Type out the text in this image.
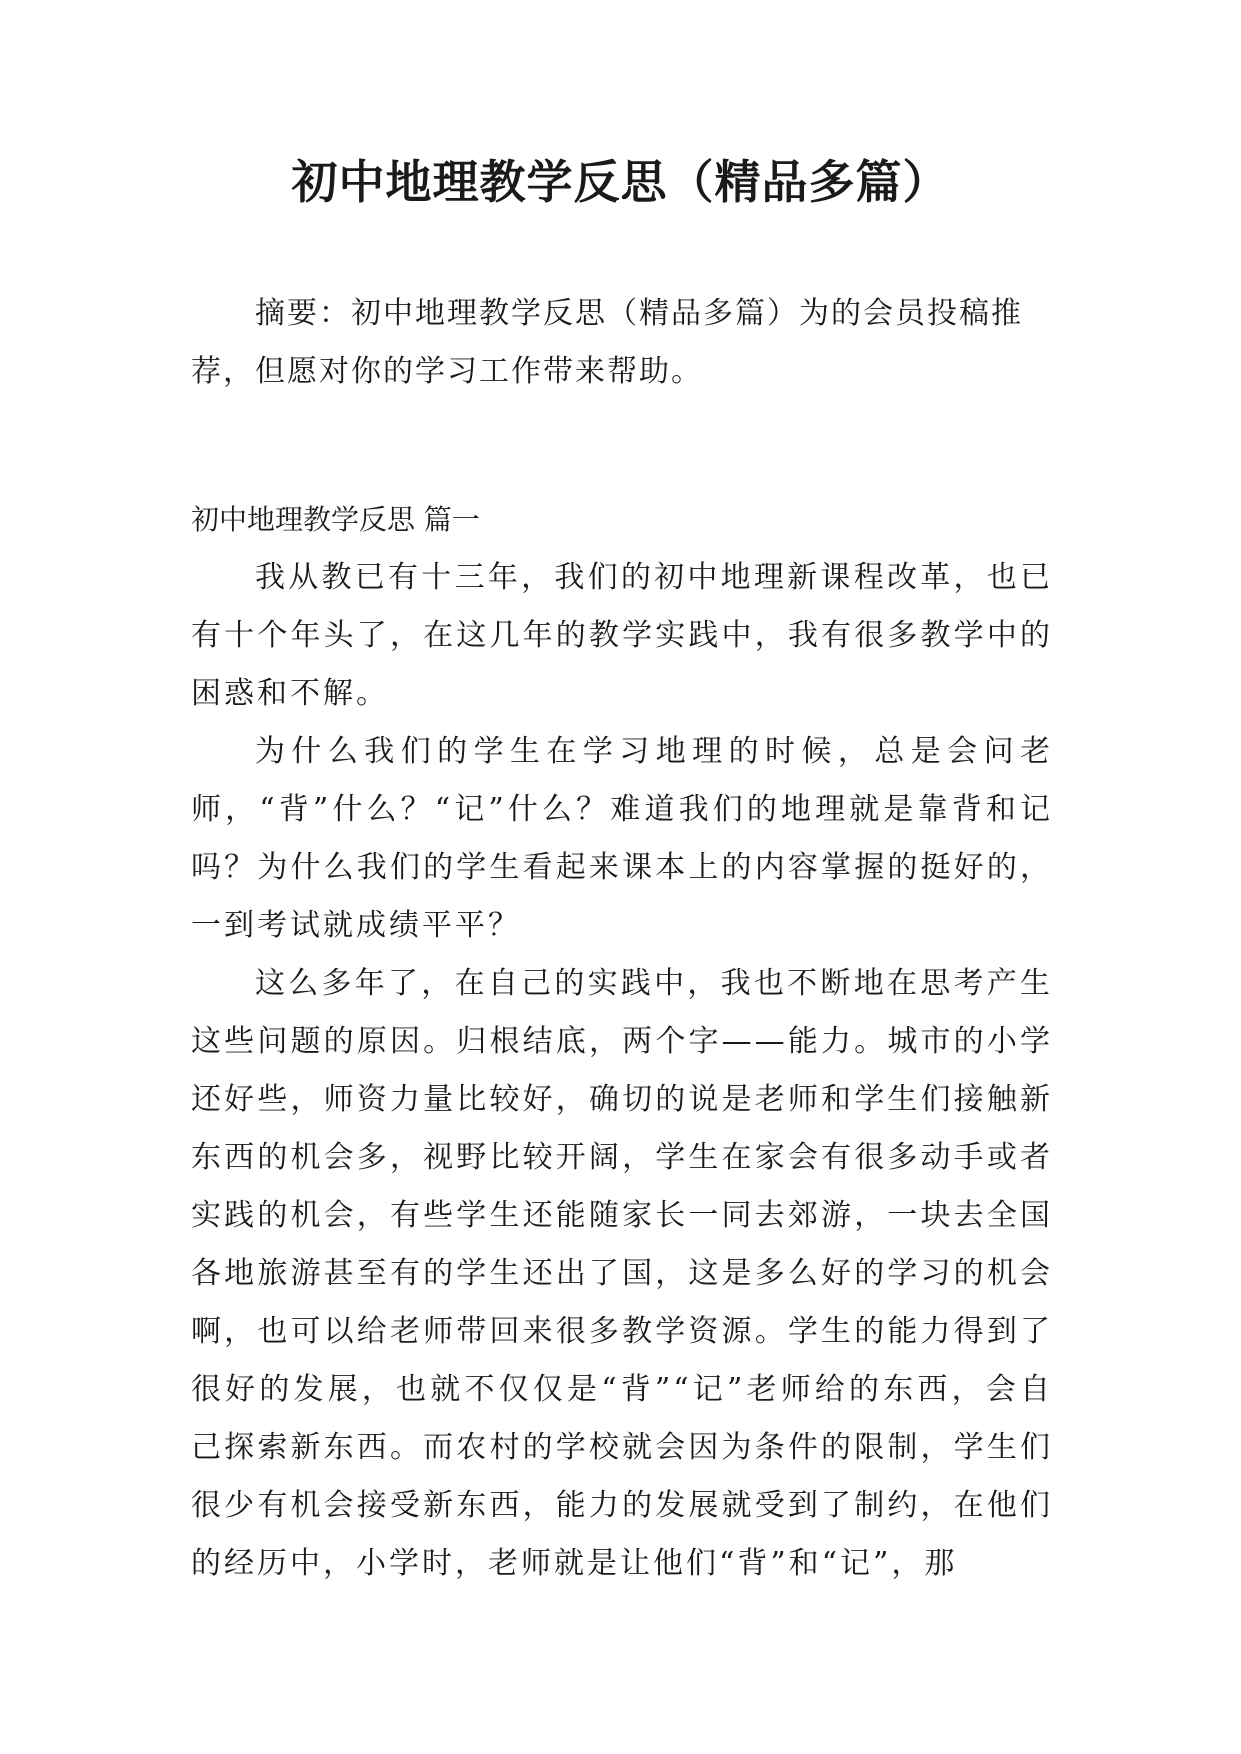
初中地理教学反思（精品多篇）

摘要：初中地理教学反思（精品多篇）为的会员投稿推荐，但愿对你的学习工作带来帮助。

初中地理教学反思 篇一

我从教已有十三年，我们的初中地理新课程改革，也已有十个年头了，在这几年的教学实践中，我有很多教学中的困惑和不解。

为什么我们的学生在学习地理的时候，总是会问老师，“背”什么？“记”什么？难道我们的地理就是靠背和记吗？为什么我们的学生看起来课本上的内容掌握的挺好的，一到考试就成绩平平？

这么多年了，在自己的实践中，我也不断地在思考产生这些问题的原因。归根结底，两个字——能力。城市的小学还好些，师资力量比较好，确切的说是老师和学生们接触新东西的机会多，视野比较开阔，学生在家会有很多动手或者实践的机会，有些学生还能随家长一同去郊游，一块去全国各地旅游甚至有的学生还出了国，这是多么好的学习的机会啊，也可以给老师带回来很多教学资源。学生的能力得到了很好的发展，也就不仅仅是“背”“记”老师给的东西，会自己探索新东西。而农村的学校就会因为条件的限制，学生们很少有机会接受新东西，能力的发展就受到了制约，在他们的经历中，小学时，老师就是让他们“背”和“记”，那
